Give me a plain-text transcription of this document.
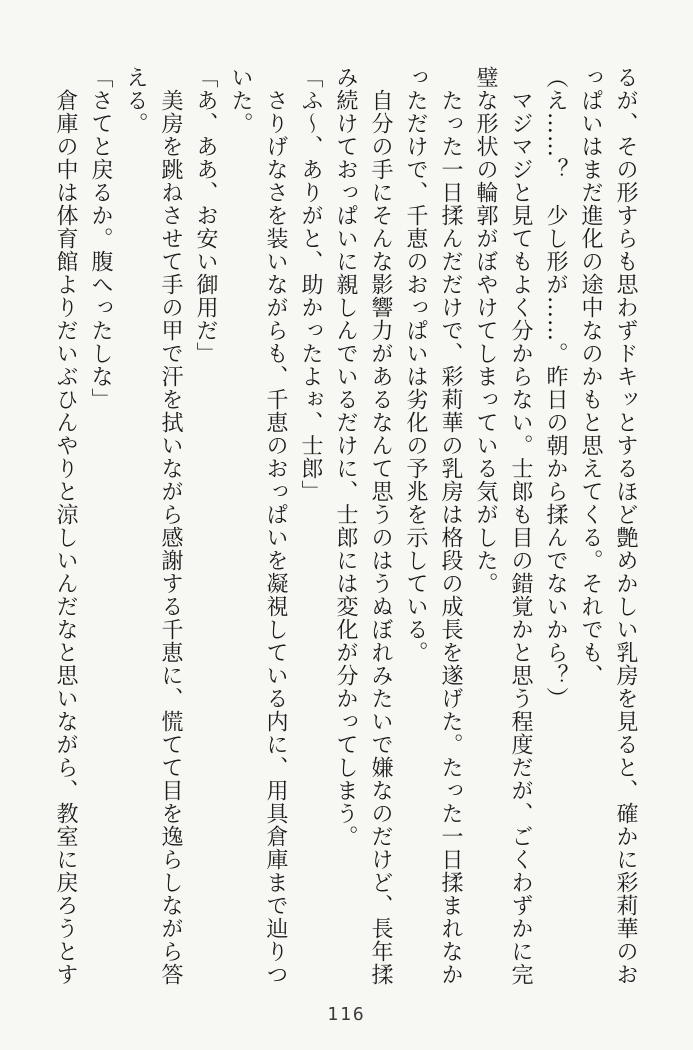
るが、その形すらも思わずドキッとするほど艶めかしい乳房を見ると、確かに彩莉華のお

っぱいはまだ進化の途中なのかもと思えてくる。それでも、

（え……？　少し形が……。昨日の朝から揉んでないから？）

　マジマジと見てもよく分からない。士郎も目の錯覚かと思う程度だが、ごくわずかに完

璧な形状の輪郭がぼやけてしまっている気がした。

　たった一日揉んだだけで、彩莉華の乳房は格段の成長を遂げた。たった一日揉まれなか

っただけで、千恵のおっぱいは劣化の予兆を示している。

　自分の手にそんな影響力があるなんて思うのはうぬぼれみたいで嫌なのだけど、長年揉

み続けておっぱいに親しんでいるだけに、士郎には変化が分かってしまう。

「ふ〜、ありがと、助かったよぉ、士郎」

　さりげなさを装いながらも、千恵のおっぱいを凝視している内に、用具倉庫まで辿りつ

いた。

「あ、ああ、お安い御用だ」

　美房を跳ねさせて手の甲で汗を拭いながら感謝する千恵に、慌てて目を逸らしながら答

える。

「さてと戻るか。腹へったしな」

　倉庫の中は体育館よりだいぶひんやりと涼しいんだなと思いながら、教室に戻ろうとす

116
